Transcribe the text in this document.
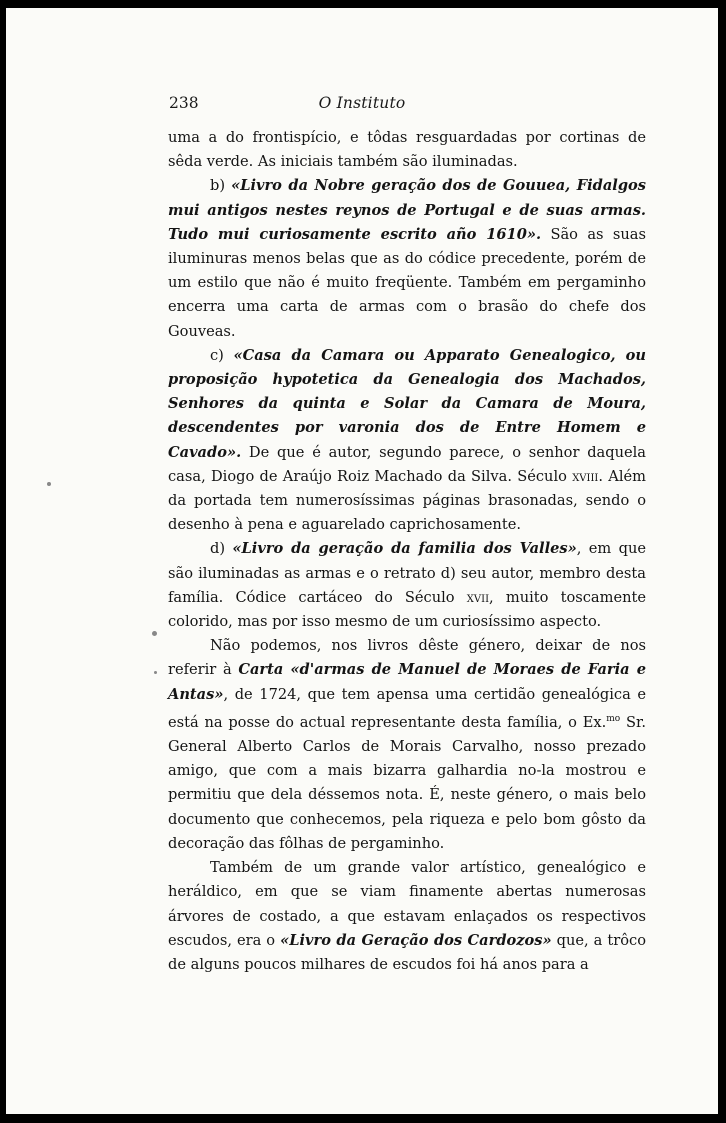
238	O Instituto

uma a do frontispício, e tôdas resguardadas por cortinas de sêda verde. As iniciais também são iluminadas.

b) «Livro da Nobre geração dos de Gouuea, Fidalgos mui antigos nestes reynos de Portugal e de suas armas. Tudo mui curiosamente escrito año 1610». São as suas iluminuras menos belas que as do códice precedente, porém de um estilo que não é muito freqüente. Também em pergaminho encerra uma carta de armas com o brasão do chefe dos Gouveas.

c) «Casa da Camara ou Apparato Genealogico, ou proposição hypotetica da Genealogia dos Machados, Senhores da quinta e Solar da Camara de Moura, descendentes por varonia dos de Entre Homem e Cavado». De que é autor, segundo parece, o senhor daquela casa, Diogo de Araújo Roiz Machado da Silva. Século xviii. Além da portada tem numerosíssimas páginas brasonadas, sendo o desenho à pena e aguarelado caprichosamente.

d) «Livro da geração da familia dos Valles», em que são iluminadas as armas e o retrato d) seu autor, membro desta família. Códice cartáceo do Século xvii, muito toscamente colorido, mas por isso mesmo de um curiosíssimo aspecto.

Não podemos, nos livros dêste género, deixar de nos referir à Carta «d'armas de Manuel de Moraes de Faria e Antas», de 1724, que tem apensa uma certidão genealógica e está na posse do actual representante desta família, o Ex.$^{mo}$ Sr. General Alberto Carlos de Morais Carvalho, nosso prezado amigo, que com a mais bizarra galhardia no-la mostrou e permitiu que dela déssemos nota. É, neste género, o mais belo documento que conhecemos, pela riqueza e pelo bom gôsto da decoração das fôlhas de pergaminho.

Também de um grande valor artístico, genealógico e heráldico, em que se viam finamente abertas numerosas árvores de costado, a que estavam enlaçados os respectivos escudos, era o «Livro da Geração dos Cardozos» que, a trôco de alguns poucos milhares de escudos foi há anos para a
